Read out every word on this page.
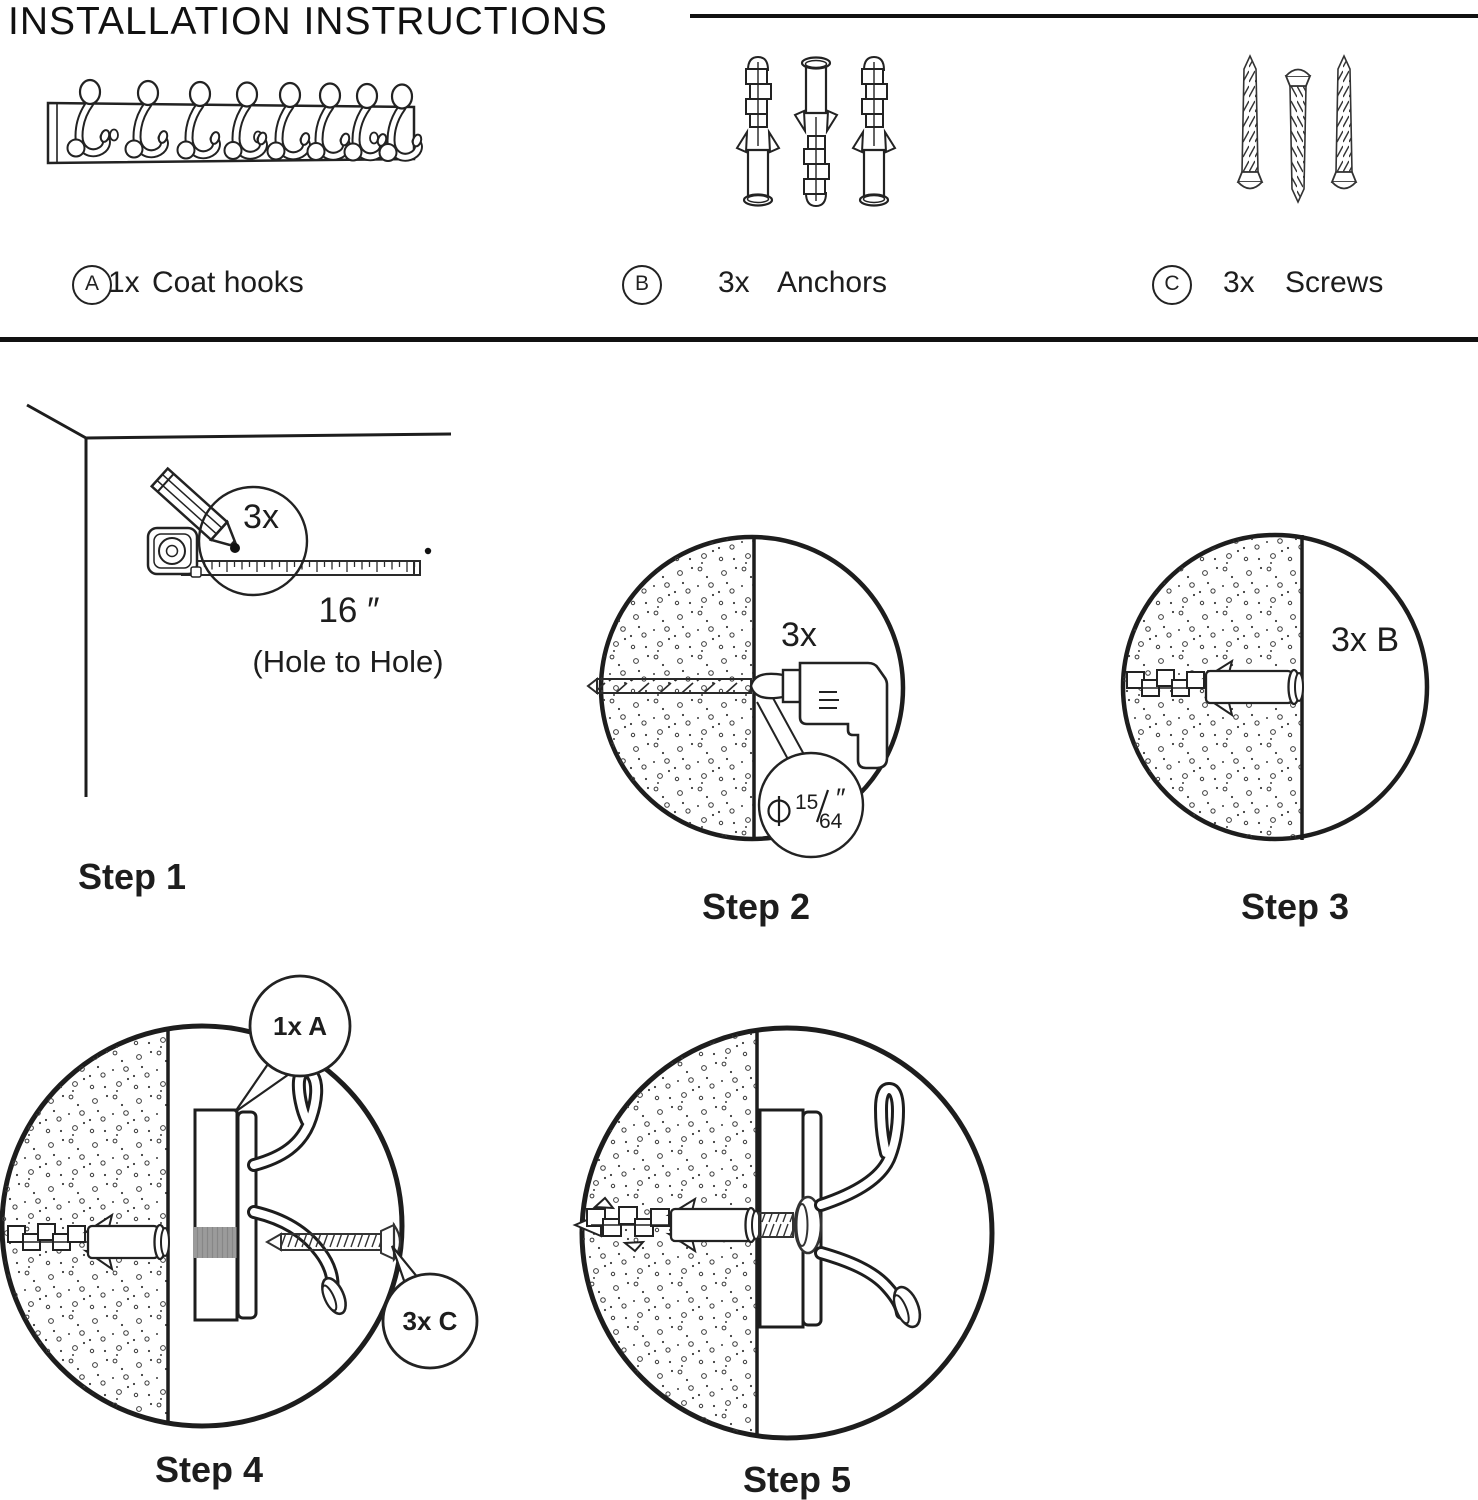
INSTALLATION INSTRUCTIONS
A 1x Coat hooks	B	3x Anchors	C	3x Screws
3x
16 ″
(Hole to Hole)
3x
15
64
″
3x B
1x A
3x C
Step 1
Step 2	Step 3
Step 4	Step 5
